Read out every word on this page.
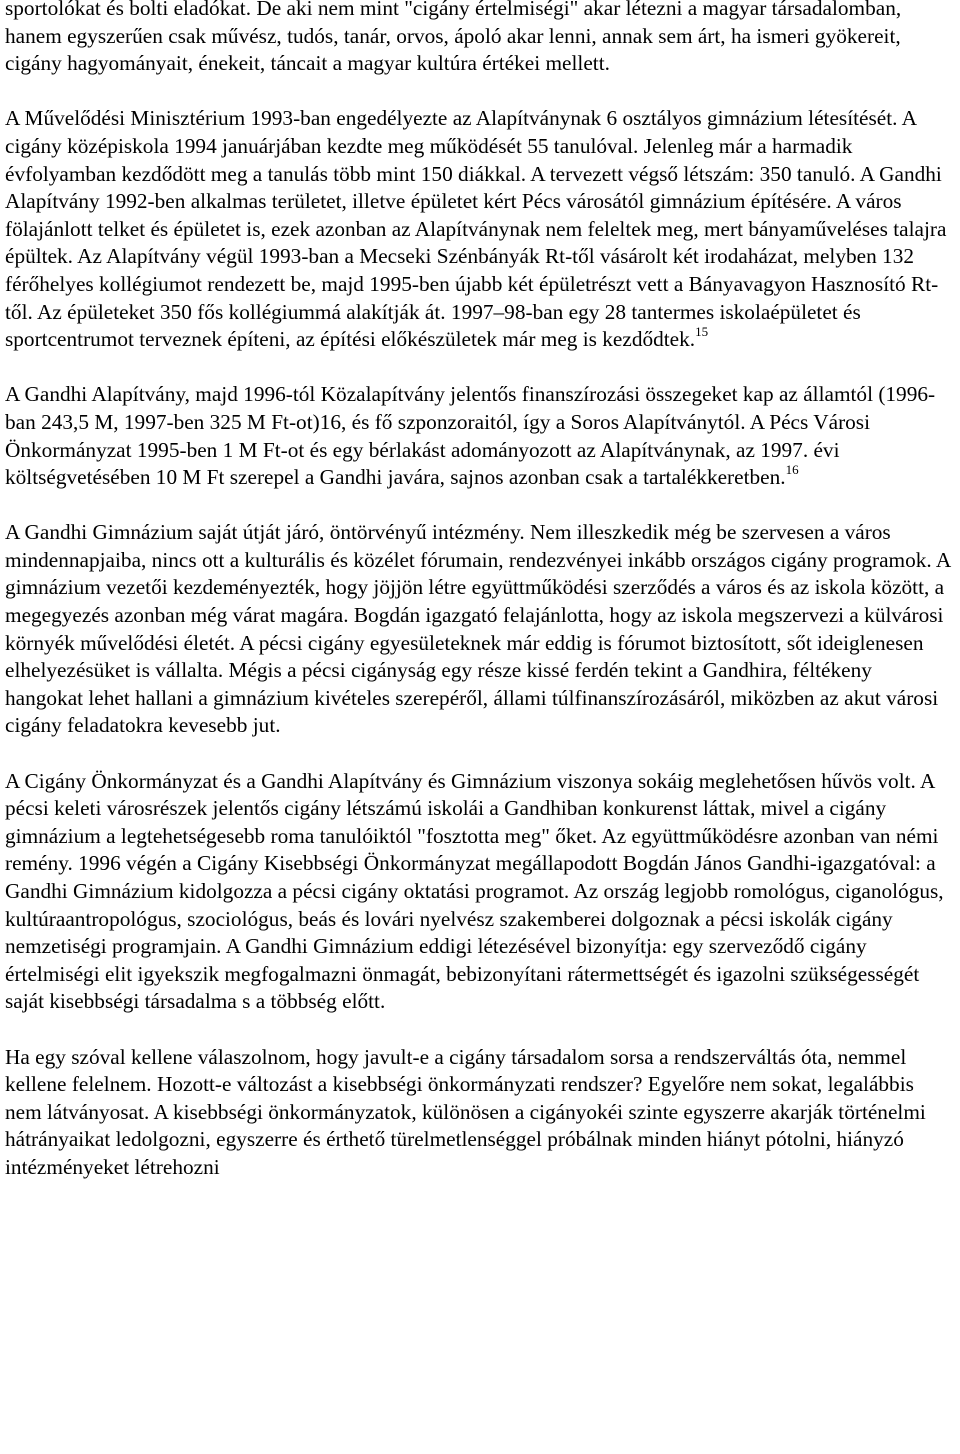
sportolókat és bolti eladókat. De aki nem mint "cigány értelmiségi" akar létezni a magyar társadalomban, hanem egyszerűen csak művész, tudós, tanár, orvos, ápoló akar lenni, annak sem árt, ha ismeri gyökereit, cigány hagyományait, énekeit, táncait a magyar kultúra értékei mellett.

A Művelődési Minisztérium 1993-ban engedélyezte az Alapítványnak 6 osztályos gimnázium létesítését. A cigány középiskola 1994 januárjában kezdte meg működését 55 tanulóval. Jelenleg már a harmadik évfolyamban kezdődött meg a tanulás több mint 150 diákkal. A tervezett végső létszám: 350 tanuló. A Gandhi Alapítvány 1992-ben alkalmas területet, illetve épületet kért Pécs városától gimnázium építésére. A város fölajánlott telket és épületet is, ezek azonban az Alapítványnak nem feleltek meg, mert bányaműveléses talajra épültek. Az Alapítvány végül 1993-ban a Mecseki Szénbányák Rt-től vásárolt két irodaházat, melyben 132 férőhelyes kollégiumot rendezett be, majd 1995-ben újabb két épületrészt vett a Bányavagyon Hasznosító Rt-től. Az épületeket 350 fős kollégiummá alakítják át. 1997–98-ban egy 28 tantermes iskolaépületet és sportcentrumot terveznek építeni, az építési előkészületek már meg is kezdődtek.$^{15}$

A Gandhi Alapítvány, majd 1996-tól Közalapítvány jelentős finanszírozási összegeket kap az államtól (1996-ban 243,5 M, 1997-ben 325 M Ft-ot)16, és fő szponzoraitól, így a Soros Alapítványtól. A Pécs Városi Önkormányzat 1995-ben 1 M Ft-ot és egy bérlakást adományozott az Alapítványnak, az 1997. évi költségvetésében 10 M Ft szerepel a Gandhi javára, sajnos azonban csak a tartalékkeretben.$^{16}$

A Gandhi Gimnázium saját útját járó, öntörvényű intézmény. Nem illeszkedik még be szervesen a város mindennapjaiba, nincs ott a kulturális és közélet fórumain, rendezvényei inkább országos cigány programok. A gimnázium vezetői kezdeményezték, hogy jöjjön létre együttműködési szerződés a város és az iskola között, a megegyezés azonban még várat magára. Bogdán igazgató felajánlotta, hogy az iskola megszervezi a külvárosi környék művelődési életét. A pécsi cigány egyesületeknek már eddig is fórumot biztosított, sőt ideiglenesen elhelyezésüket is vállalta. Mégis a pécsi cigányság egy része kissé ferdén tekint a Gandhira, féltékeny hangokat lehet hallani a gimnázium kivételes szerepéről, állami túlfinanszírozásáról, miközben az akut városi cigány feladatokra kevesebb jut.

A Cigány Önkormányzat és a Gandhi Alapítvány és Gimnázium viszonya sokáig meglehetősen hűvös volt. A pécsi keleti városrészek jelentős cigány létszámú iskolái a Gandhiban konkurenst láttak, mivel a cigány gimnázium a legtehetségesebb roma tanulóiktól "fosztotta meg" őket. Az együttműködésre azonban van némi remény. 1996 végén a Cigány Kisebbségi Önkormányzat megállapodott Bogdán János Gandhi-igazgatóval: a Gandhi Gimnázium kidolgozza a pécsi cigány oktatási programot. Az ország legjobb romológus, ciganológus, kultúraantropológus, szociológus, beás és lovári nyelvész szakemberei dolgoznak a pécsi iskolák cigány nemzetiségi programjain. A Gandhi Gimnázium eddigi létezésével bizonyítja: egy szerveződő cigány értelmiségi elit igyekszik megfogalmazni önmagát, bebizonyítani rátermettségét és igazolni szükségességét saját kisebbségi társadalma s a többség előtt.

Ha egy szóval kellene válaszolnom, hogy javult-e a cigány társadalom sorsa a rendszerváltás óta, nemmel kellene felelnem. Hozott-e változást a kisebbségi önkormányzati rendszer? Egyelőre nem sokat, legalábbis nem látványosat. A kisebbségi önkormányzatok, különösen a cigányokéi szinte egyszerre akarják történelmi hátrányaikat ledolgozni, egyszerre és érthető türelmetlenséggel próbálnak minden hiányt pótolni, hiányzó intézményeket létrehozni
